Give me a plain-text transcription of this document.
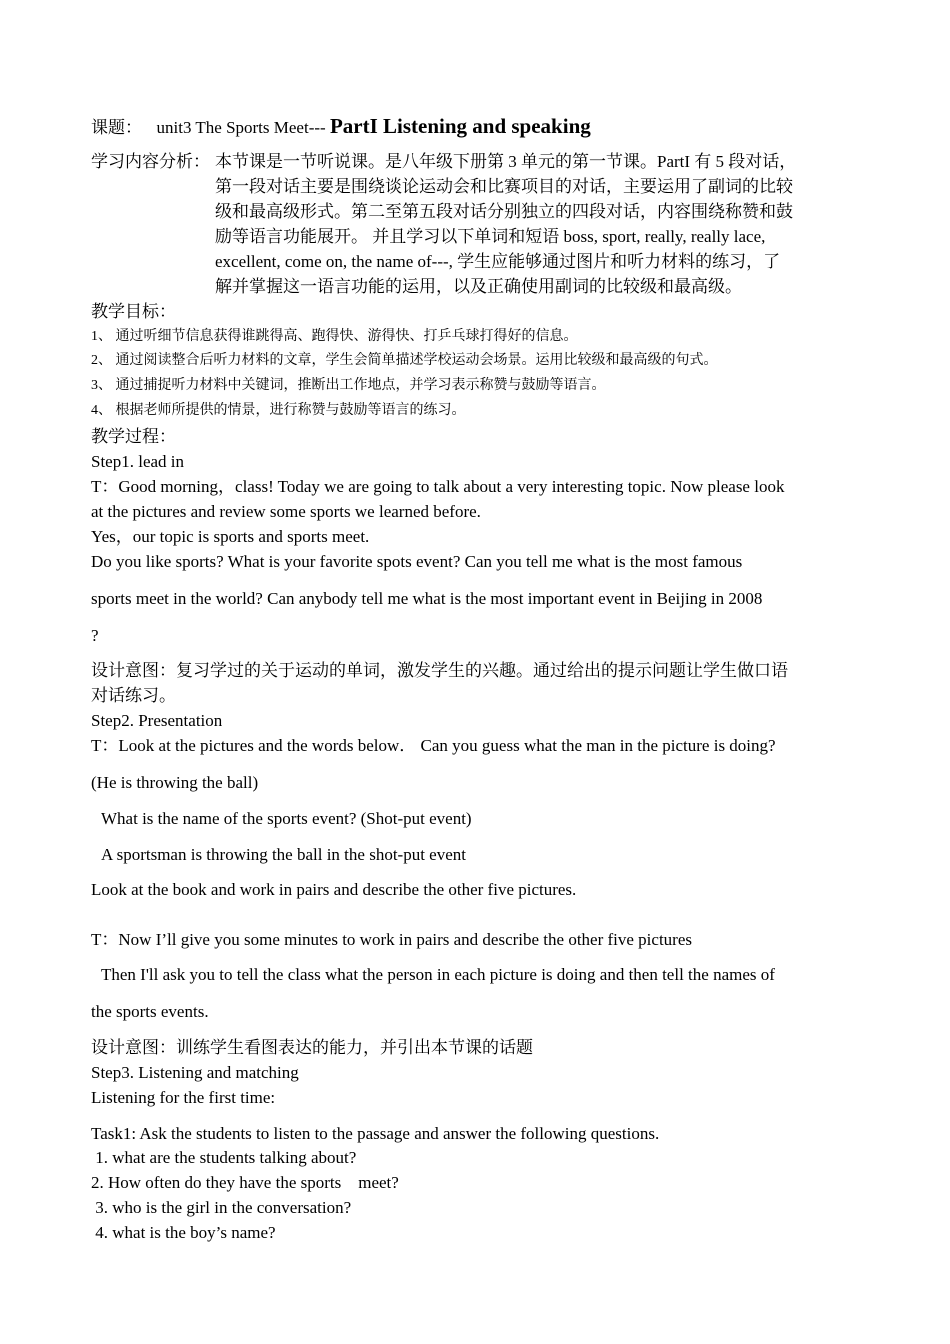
课题： unit3 The Sports Meet--- PartI Listening and speaking
学习内容分析： 本节课是一节听说课。是八年级下册第 3 单元的第一节课。PartI 有 5 段对话，
第一段对话主要是围绕谈论运动会和比赛项目的对话，主要运用了副词的比较
级和最高级形式。第二至第五段对话分别独立的四段对话，内容围绕称赞和鼓
励等语言功能展开。 并且学习以下单词和短语 boss, sport, really, really lace,
excellent, come on, the name of---, 学生应能够通过图片和听力材料的练习，了
解并掌握这一语言功能的运用，以及正确使用副词的比较级和最高级。
教学目标：
1、 通过听细节信息获得谁跳得高、跑得快、游得快、打乒乓球打得好的信息。
2、 通过阅读整合后听力材料的文章，学生会简单描述学校运动会场景。运用比较级和最高级的句式。
3、 通过捕捉听力材料中关键词，推断出工作地点，并学习表示称赞与鼓励等语言。
4、 根据老师所提供的情景，进行称赞与鼓励等语言的练习。
教学过程：
Step1. lead in
T：Good morning，class! Today we are going to talk about a very interesting topic. Now please look
at the pictures and review some sports we learned before.
Yes，our topic is sports and sports meet.
Do you like sports? What is your favorite spots event? Can you tell me what is the most famous
sports meet in the world? Can anybody tell me what is the most important event in Beijing in 2008
?
设计意图：复习学过的关于运动的单词，激发学生的兴趣。通过给出的提示问题让学生做口语
对话练习。
Step2. Presentation
T：Look at the pictures and the words below． Can you guess what the man in the picture is doing?
(He is throwing the ball)
What is the name of the sports event? (Shot-put event)
A sportsman is throwing the ball in the shot-put event
Look at the book and work in pairs and describe the other five pictures.
T：Now I’ll give you some minutes to work in pairs and describe the other five pictures
Then I'll ask you to tell the class what the person in each picture is doing and then tell the names of
the sports events.
设计意图：训练学生看图表达的能力，并引出本节课的话题
Step3. Listening and matching
Listening for the first time:
Task1: Ask the students to listen to the passage and answer the following questions.
1. what are the students talking about?
2. How often do they have the sports    meet?
3. who is the girl in the conversation?
4. what is the boy’s name?
